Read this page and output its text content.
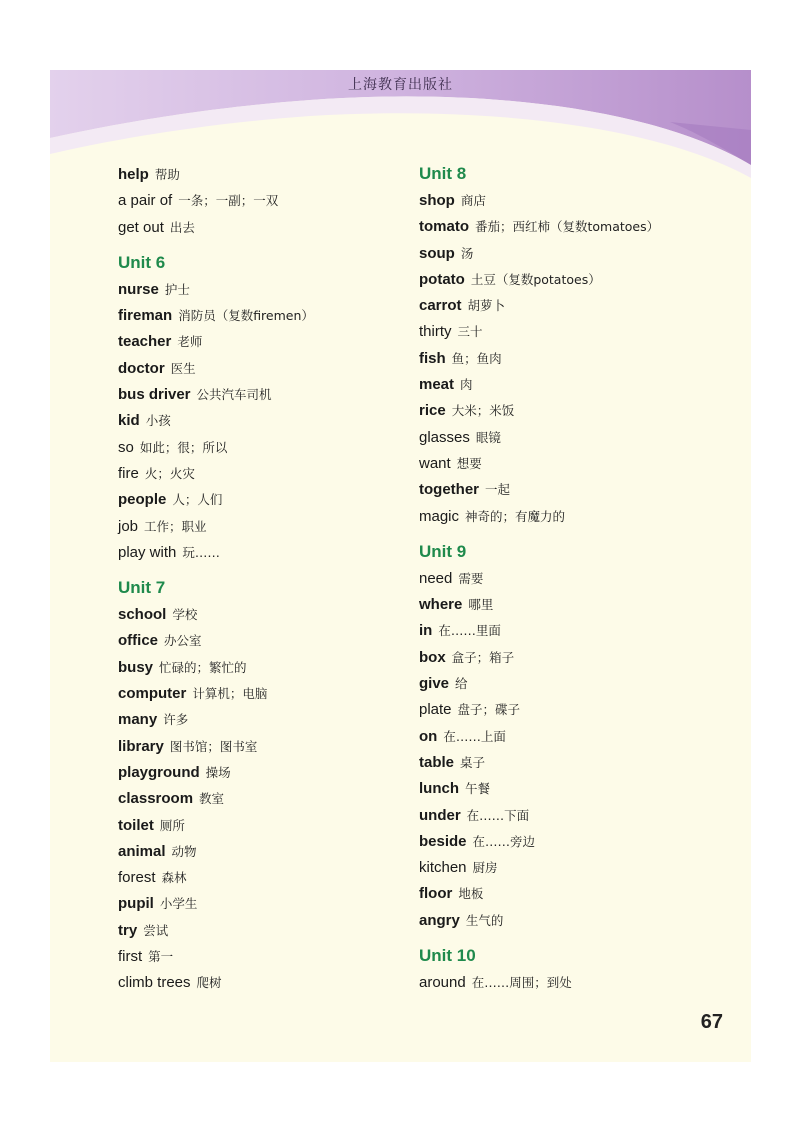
上海教育出版社
help 帮助
a pair of 一条；一副；一双
get out 出去
Unit 6
nurse 护士
fireman 消防员（复数firemen）
teacher 老师
doctor 医生
bus driver 公共汽车司机
kid 小孩
so 如此；很；所以
fire 火；火灾
people 人；人们
job 工作；职业
play with 玩……
Unit 7
school 学校
office 办公室
busy 忙碌的；繁忙的
computer 计算机；电脑
many 许多
library 图书馆；图书室
playground 操场
classroom 教室
toilet 厕所
animal 动物
forest 森林
pupil 小学生
try 尝试
first 第一
climb trees 爬树
Unit 8
shop 商店
tomato 番茄；西红柿（复数tomatoes）
soup 汤
potato 土豆（复数potatoes）
carrot 胡萝卜
thirty 三十
fish 鱼；鱼肉
meat 肉
rice 大米；米饭
glasses 眼镜
want 想要
together 一起
magic 神奇的；有魔力的
Unit 9
need 需要
where 哪里
in 在……里面
box 盒子；箱子
give 给
plate 盘子；碟子
on 在……上面
table 桌子
lunch 午餐
under 在……下面
beside 在……旁边
kitchen 厨房
floor 地板
angry 生气的
Unit 10
around 在……周围；到处
67
